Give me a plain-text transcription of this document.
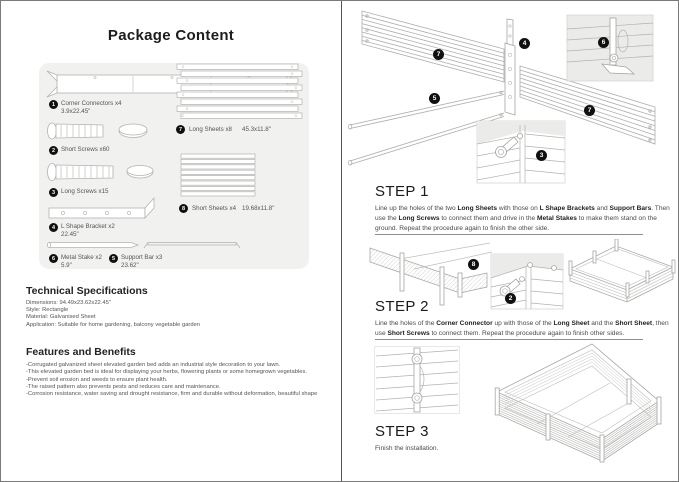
Package Content
1 Corner Connectors x4
3.9x22.45"
2 Short Screws x60
3 Long Screws x15
4 L Shape Bracket x2
22.45"
6 Metal Stake x2
5.9"
5 Support Bar x3
23.62"
7	Long Sheets x8 45.3x11.8"
8	Short Sheets x4 19.68x11.8"
Technical Specifications
Dimensions: 94.49x23.62x22.45"
Style: Rectangle
Material: Galvanised Sheet
Application: Suitable for home gardening, balcony vegetable garden
Features and Benefits
-Corrugated galvanized sheet elevated garden bed adds an industrial style decoration to your lawn.
-This elevated garden bed is ideal for displaying your herbs, flowering plants or some homegrown vegetables.
-Prevent soil erosion and weeds to ensure plant health.
-The raised pattern also prevents pests and reduces care and maintenance.
-Corrosion resistance, water saving and drought resistance, firm and durable without deformation, beautiful shape
7
4	6
5
7
3
STEP 1
Line up the holes of the two Long Sheets with those on L Shape Brackets and Support Bars. Then use the Long Screws to connect them and drive in the Metal Stakes to make them stand on the ground. Repeat the procedure again to finish the other side.
8
2
STEP 2
Line the holes of the Corner Connector up with those of the Long Sheet and the Short Sheet, then use Short Screws to connect them. Repeat the procedure again to finish other sides.
STEP 3
Finish the installation.
